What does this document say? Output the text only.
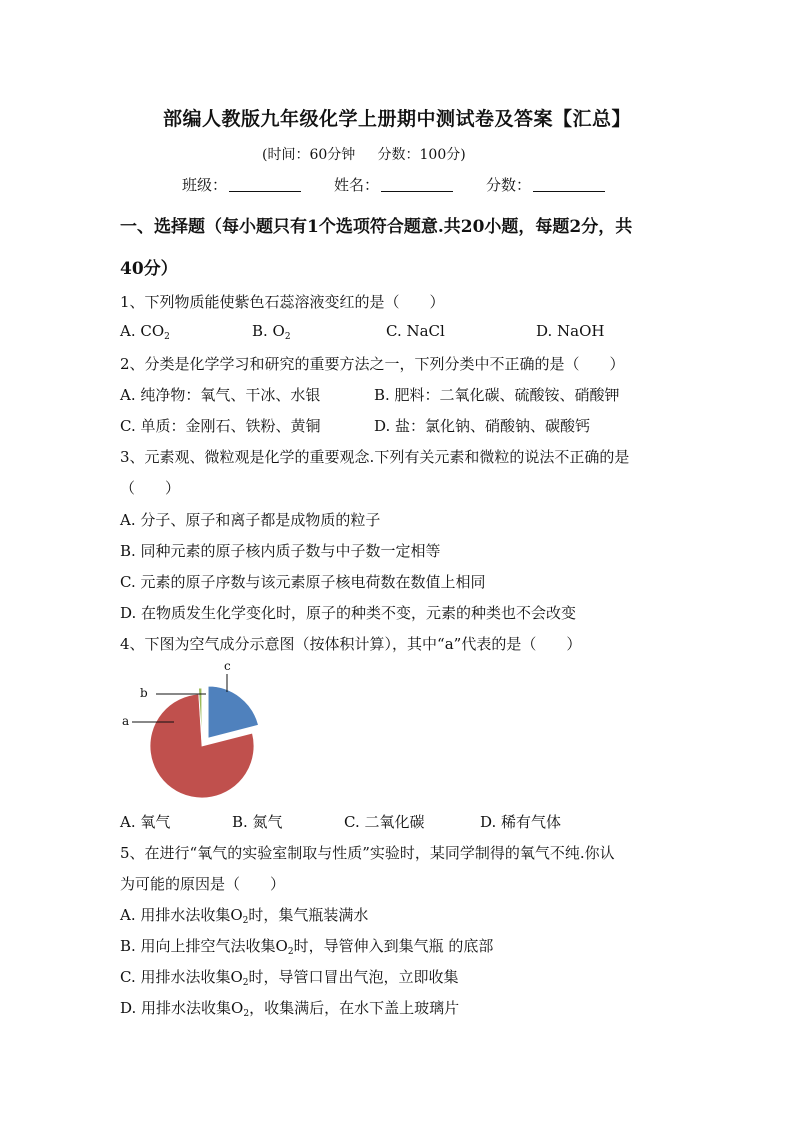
部编人教版九年级化学上册期中测试卷及答案【汇总】
(时间：60分钟     分数：100分)
班级：	姓名：	分数：
一、选择题（每小题只有1个选项符合题意.共20小题，每题2分，共
40分）
1、下列物质能使紫色石蕊溶液变红的是（　　）
A. $CO_2$	B. $O_2$	C. NaCl	D. NaOH
2、分类是化学学习和研究的重要方法之一，下列分类中不正确的是（　　）
A. 纯净物：氧气、干冰、水银	B. 肥料：二氧化碳、硫酸铵、硝酸钾
C. 单质：金刚石、铁粉、黄铜	D. 盐：氯化钠、硝酸钠、碳酸钙
3、元素观、微粒观是化学的重要观念.下列有关元素和微粒的说法不正确的是
（　　）
A. 分子、原子和离子都是成物质的粒子
B. 同种元素的原子核内质子数与中子数一定相等
C. 元素的原子序数与该元素原子核电荷数在数值上相同
D. 在物质发生化学变化时，原子的种类不变，元素的种类也不会改变
4、下图为空气成分示意图（按体积计算），其中“a”代表的是（　　）
c
a
b
A. 氧气	B. 氮气	C. 二氧化碳	D. 稀有气体
5、在进行“氧气的实验室制取与性质”实验时，某同学制得的氧气不纯.你认
为可能的原因是（　　）
A. 用排水法收集$O_2$时，集气瓶装满水
B. 用向上排空气法收集$O_2$时，导管伸入到集气瓶 的底部
C. 用排水法收集$O_2$时，导管口冒出气泡，立即收集
D. 用排水法收集$O_2$，收集满后，在水下盖上玻璃片
